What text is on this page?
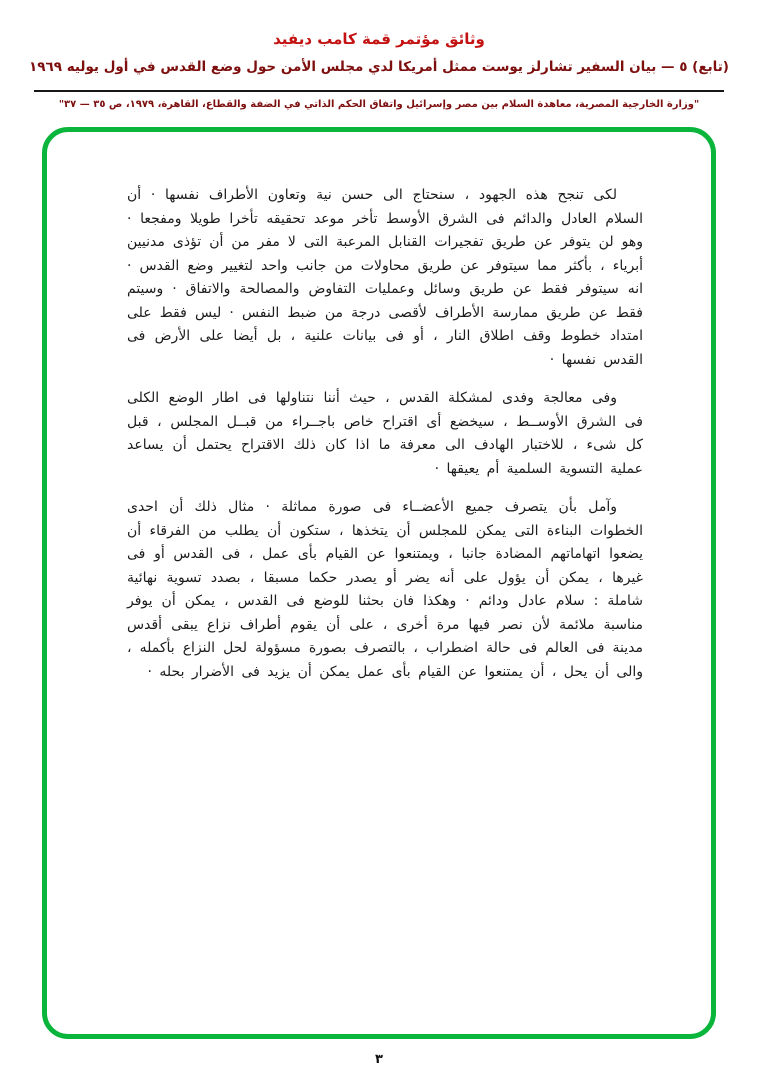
وثائق مؤتمر قمة كامب ديفيد
(تابع) ٥ — بيان السفير تشارلز يوست ممثل أمريكا لدي مجلس الأمن حول وضع القدس في أول يوليه ١٩٦٩
"وزارة الخارجية المصرية، معاهدة السلام بين مصر وإسرائيل واتفاق الحكم الذاتي في الضفة والقطاع، القاهرة، ١٩٧٩، ص ٣٥ — ٣٧"

لكى تنجح هذه الجهود ، سنحتاج الى حسن نية وتعاون الأطراف نفسها · أن السلام العادل والدائم فى الشرق الأوسط تأخر موعد تحقيقه تأخرا طويلا ومفجعا · وهو لن يتوفر عن طريق تفجيرات القنابل المرعبة التى لا مفر من أن تؤذى مدنيين أبرياء ، بأكثر مما سيتوفر عن طريق محاولات من جانب واحد لتغيير وضع القدس · انه سيتوفر فقط عن طريق وسائل وعمليات التفاوض والمصالحة والاتفاق · وسيتم فقط عن طريق ممارسة الأطراف لأقصى درجة من ضبط النفس · ليس فقط على امتداد خطوط وقف اطلاق النار ، أو فى بيانات علنية ، بل أيضا على الأرض فى القدس نفسها ·

وفى معالجة وفدى لمشكلة القدس ، حيث أننا نتناولها فى اطار الوضع الكلى فى الشرق الأوســط ، سيخضع أى اقتراح خاص باجــراء من قبــل المجلس ، قبل كل شىء ، للاختبار الهادف الى معرفة ما اذا كان ذلك الاقتراح يحتمل أن يساعد عملية التسوية السلمية أم يعيقها ·

وآمل بأن يتصرف جميع الأعضــاء فى صورة مماثلة · مثال ذلك أن احدى الخطوات البناءة التى يمكن للمجلس أن يتخذها ، ستكون أن يطلب من الفرقاء أن يضعوا اتهاماتهم المضادة جانبا ، ويمتنعوا عن القيام بأى عمل ، فى القدس أو فى غيرها ، يمكن أن يؤول على أنه يضر أو يصدر حكما مسبقا ، بصدد تسوية نهائية شاملة : سلام عادل ودائم · وهكذا فان بحثنا للوضع فى القدس ، يمكن أن يوفر مناسبة ملائمة لأن نصر فيها مرة أخرى ، على أن يقوم أطراف نزاع يبقى أقدس مدينة فى العالم فى حالة اضطراب ، بالتصرف بصورة مسؤولة لحل النزاع بأكمله ، والى أن يحل ، أن يمتنعوا عن القيام بأى عمل يمكن أن يزيد فى الأضرار بحله ·

٣
